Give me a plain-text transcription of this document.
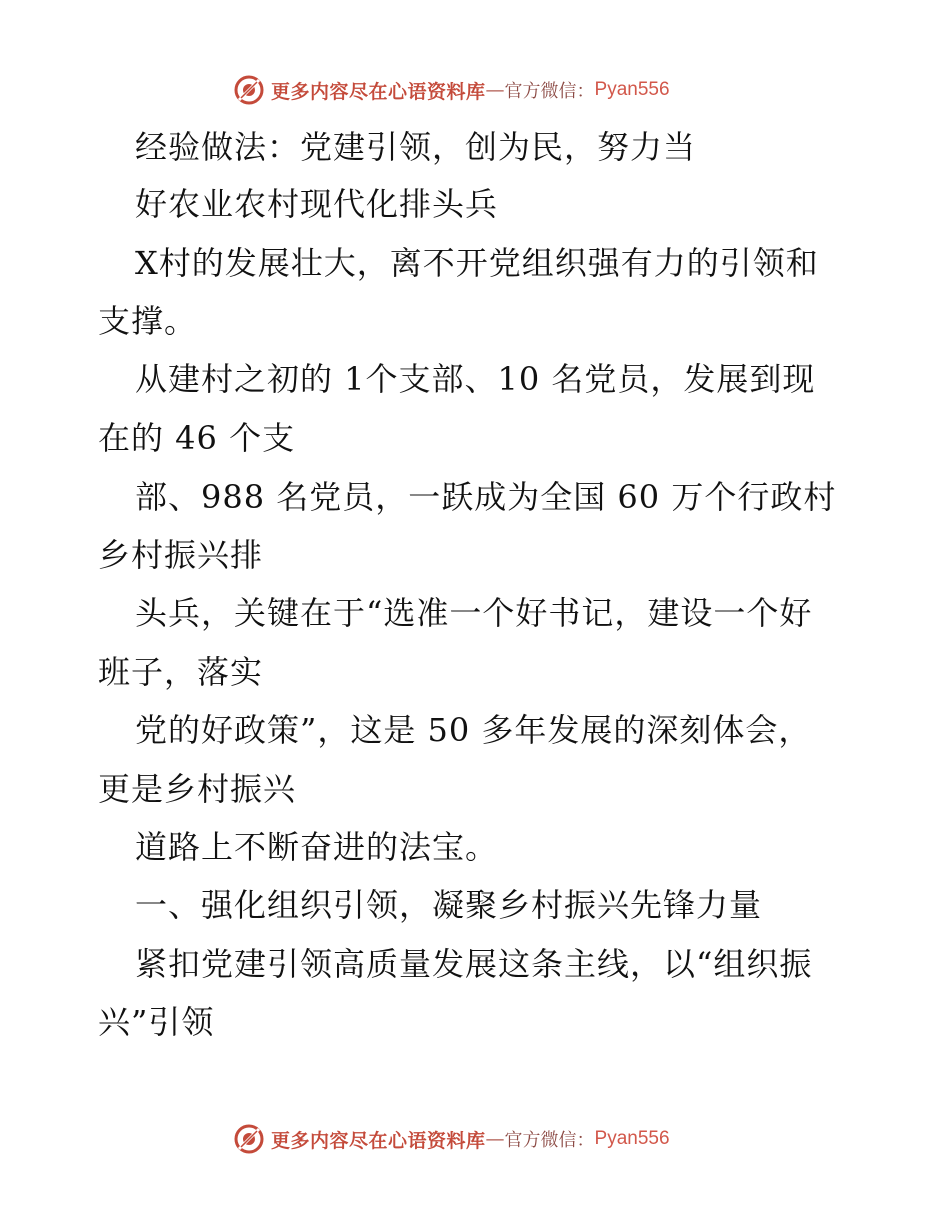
更多内容尽在心语资料库 — 官方微信： Pyan556

经验做法：党建引领，创为民，努力当

好农业农村现代化排头兵

X村的发展壮大，离不开党组织强有力的引领和

支撑。

从建村之初的 1个支部、10 名党员，发展到现

在的 46 个支

部、988 名党员，一跃成为全国 60 万个行政村

乡村振兴排

头兵，关键在于“选准一个好书记，建设一个好

班子，落实

党的好政策”，这是 50 多年发展的深刻体会，

更是乡村振兴

道路上不断奋进的法宝。

一、强化组织引领，凝聚乡村振兴先锋力量

紧扣党建引领高质量发展这条主线，以“组织振

兴”引领

更多内容尽在心语资料库 — 官方微信： Pyan556
